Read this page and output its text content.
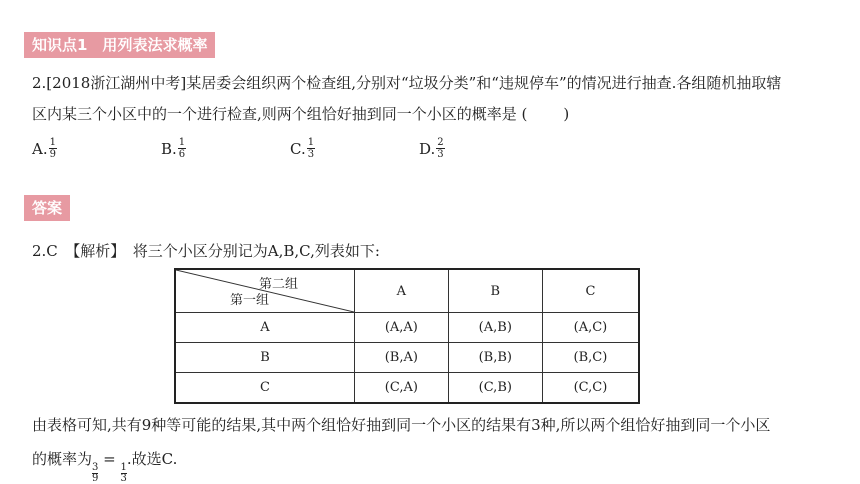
知识点1　用列表法求概率
2.[2018浙江湖州中考]某居委会组织两个检查组,分别对“垃圾分类”和“违规停车”的情况进行抽查.各组随机抽取辖
区内某三个小区中的一个进行检查,则两个组恰好抽到同一个小区的概率是 ( )
A. $\frac{1}{9}$	B. $\frac{1}{6}$	C. $\frac{1}{3}$	D. $\frac{2}{3}$
答案
2.C　【解析】　将三个小区分别记为A,B,C,列表如下:
第二组
第一组	A	B	C
A	(A,A)	(A,B)	(A,C)
B	(B,A)	(B,B)	(B,C)
C	(C,A)	(C,B)	(C,C)
由表格可知,共有9种等可能的结果,其中两个组恰好抽到同一个小区的结果有3种,所以两个组恰好抽到同一个小区
的概率为
$\frac{3}{9}$
=
$\frac{1}{3}$
.故选C.
